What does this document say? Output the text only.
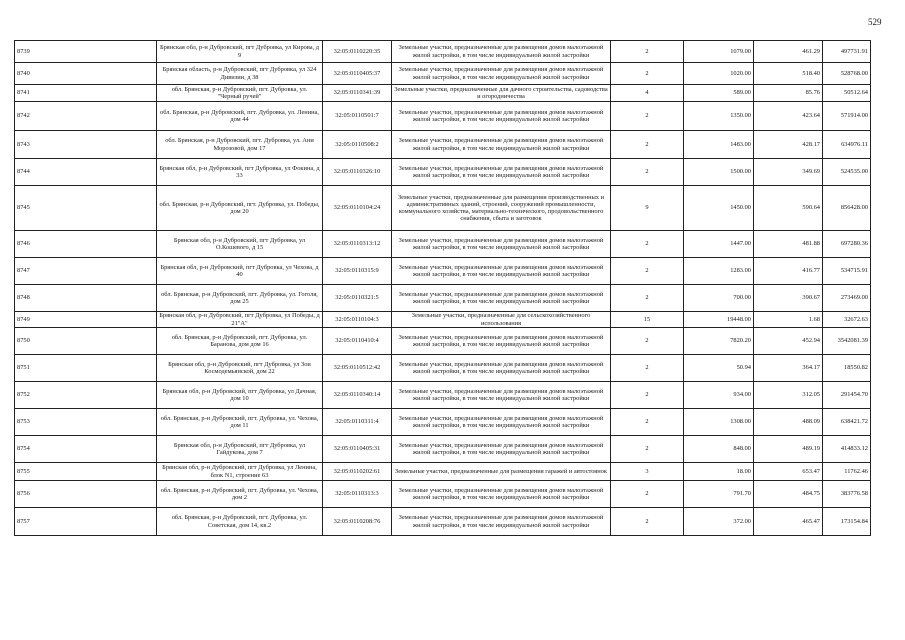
529
8739	Брянская обл, р-н Дубровский, пгт Дубровка, ул Кирова, д 9	32:05:0110220:35	Земельные участки, предназначенные для размещения домов малоэтажной жилой застройки, в том числе индивидуальной жилой застройки	2	1079.00	461.29	497731.91
8740	Брянская область, р-н Дубровский, пгт Дубровка, ул 324 Дивизии, д 38	32:05:0110405:37	Земельные участки, предназначенные для размещения домов малоэтажной жилой застройки, в том числе индивидуальной жилой застройки	2	1020.00	518.40	528768.00
8741	обл. Брянская, р-н Дубровский, пгт. Дубровка, ул. "Черный ручей"	32:05:0110341:39	Земельные участки, предназначенные для дачного строительства, садоводства и огородничества	4	589.00	85.76	50512.64
8742	обл. Брянская, р-н Дубровский, пгт. Дубровка, ул. Ленина, дом 44	32:05:0110501:7	Земельные участки, предназначенные для размещения домов малоэтажной жилой застройки, в том числе индивидуальной жилой застройки	2	1350.00	423.64	571914.00
8743	обл. Брянская, р-н Дубровский, пгт. Дубровка, ул. Ани Морозовой, дом 17	32:05:0110508:2	Земельные участки, предназначенные для размещения домов малоэтажной жилой застройки, в том числе индивидуальной жилой застройки	2	1483.00	428.17	634976.11
8744	Брянская обл, р-н Дубровский, пгт Дубровка, ул Фокина, д 33	32:05:0110326:10	Земельные участки, предназначенные для размещения домов малоэтажной жилой застройки, в том числе индивидуальной жилой застройки	2	1500.00	349.69	524535.00
8745	обл. Брянская, р-н Дубровский, пгт. Дубровка, ул. Победы, дом 20	32:05:0110104:24	Земельные участки, предназначенные для размещения производственных и административных зданий, строений, сооружений промышленности, коммунального хозяйства, материально-технического, продовольственного снабжения, сбыта и заготовок	9	1450.00	590.64	856428.00
8746	Брянская обл, р-н Дубровский, пгт Дубровка, ул О.Кошевого, д 15	32:05:0110313:12	Земельные участки, предназначенные для размещения домов малоэтажной жилой застройки, в том числе индивидуальной жилой застройки	2	1447.00	481.88	697280.36
8747	Брянская обл, р-н Дубровский, пгт Дубровка, ул Чехова, д 40	32:05:0110315:9	Земельные участки, предназначенные для размещения домов малоэтажной жилой застройки, в том числе индивидуальной жилой застройки	2	1283.00	416.77	534715.91
8748	обл. Брянская, р-н Дубровский, пгт. Дубровка, ул. Гоголя, дом 25	32:05:0110321:5	Земельные участки, предназначенные для размещения домов малоэтажной жилой застройки, в том числе индивидуальной жилой застройки	2	700.00	390.67	273469.00
8749	Брянская обл, р-н Дубровский, пгт Дубровка, ул Победы, д 21"А"	32:05:0110104:3	Земельные участки, предназначенные для сельскохозяйственного использования	15	19448.00	1.68	32672.63
8750	обл. Брянская, р-н Дубровский, пгт. Дубровка, ул. Баранова, дом дом 16	32:05:0110410:4	Земельные участки, предназначенные для размещения домов малоэтажной жилой застройки, в том числе индивидуальной жилой застройки	2	7820.20	452.94	3542081.39
8751	Брянская обл, р-н Дубровский, пгт Дубровка, ул Зои Космодемьянской, дом 22	32:05:0110512:42	Земельные участки, предназначенные для размещения домов малоэтажной жилой застройки, в том числе индивидуальной жилой застройки	2	50.94	364.17	18550.82
8752	Брянская обл, р-н Дубровский, пгт Дубровка, ул Дачная, дом 10	32:05:0110340:14	Земельные участки, предназначенные для размещения домов малоэтажной жилой застройки, в том числе индивидуальной жилой застройки	2	934.00	312.05	291454.70
8753	обл. Брянская, р-н Дубровский, пгт. Дубровка, ул. Чехова, дом 11	32:05:0110311:4	Земельные участки, предназначенные для размещения домов малоэтажной жилой застройки, в том числе индивидуальной жилой застройки	2	1308.00	488.09	638421.72
8754	Брянская обл, р-н Дубровский, пгт Дубровка, ул Гайдукова, дом 7	32:05:0110405:31	Земельные участки, предназначенные для размещения домов малоэтажной жилой застройки, в том числе индивидуальной жилой застройки	2	848.00	489.19	414833.12
8755	Брянская обл, р-н Дубровский, пгт Дубровка, ул Ленина, блок N1, строение 63	32:05:0110202:61	Земельные участки, предназначенные для размещения гаражей и автостоянок	3	18.00	653.47	11762.46
8756	обл. Брянская, р-н Дубровский, пгт. Дубровка, ул. Чехова, дом 2	32:05:0110313:3	Земельные участки, предназначенные для размещения домов малоэтажной жилой застройки, в том числе индивидуальной жилой застройки	2	791.70	484.75	383776.58
8757	обл. Брянская, р-н Дубровский, пгт. Дубровка, ул. Советская, дом 14, кв.2	32:05:0110208:76	Земельные участки, предназначенные для размещения домов малоэтажной жилой застройки, в том числе индивидуальной жилой застройки	2	372.00	465.47	173154.84
